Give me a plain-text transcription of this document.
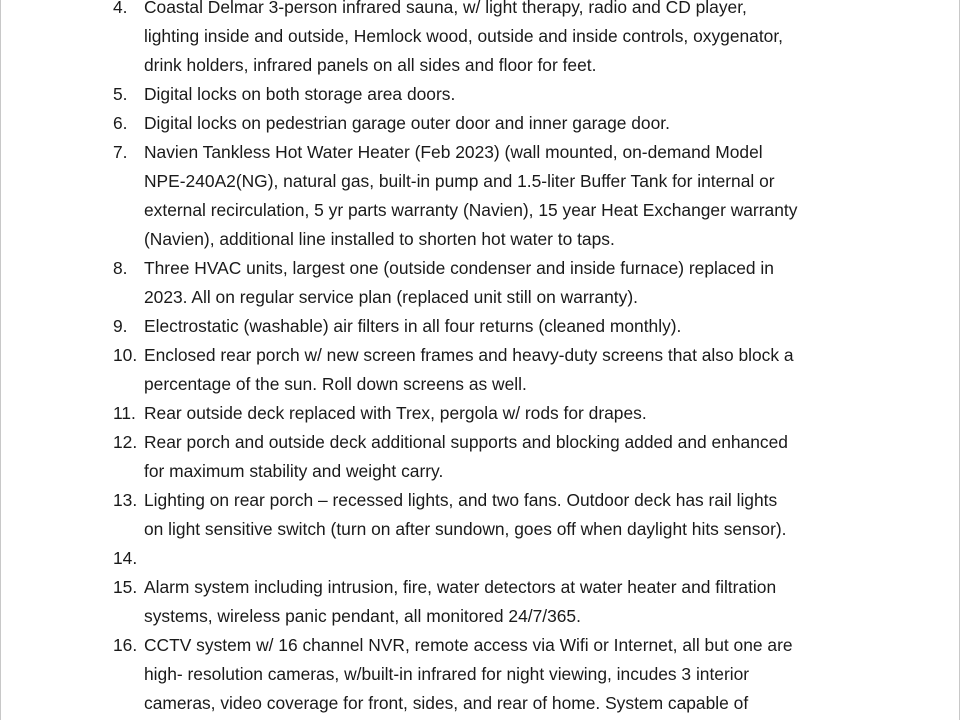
4. Coastal Delmar 3-person infrared sauna, w/ light therapy, radio and CD player,
lighting inside and outside, Hemlock wood, outside and inside controls, oxygenator,
drink holders, infrared panels on all sides and floor for feet.
5. Digital locks on both storage area doors.
6. Digital locks on pedestrian garage outer door and inner garage door.
7. Navien Tankless Hot Water Heater (Feb 2023) (wall mounted, on-demand Model
NPE-240A2(NG), natural gas, built-in pump and 1.5-liter Buffer Tank for internal or
external recirculation, 5 yr parts warranty (Navien), 15 year Heat Exchanger warranty
(Navien), additional line installed to shorten hot water to taps.
8. Three HVAC units, largest one (outside condenser and inside furnace) replaced in
2023. All on regular service plan (replaced unit still on warranty).
9. Electrostatic (washable) air filters in all four returns (cleaned monthly).
10. Enclosed rear porch w/ new screen frames and heavy-duty screens that also block a
percentage of the sun. Roll down screens as well.
11. Rear outside deck replaced with Trex, pergola w/ rods for drapes.
12. Rear porch and outside deck additional supports and blocking added and enhanced
for maximum stability and weight carry.
13. Lighting on rear porch – recessed lights, and two fans. Outdoor deck has rail lights
on light sensitive switch (turn on after sundown, goes off when daylight hits sensor).
14.

15. Alarm system including intrusion, fire, water detectors at water heater and filtration
systems, wireless panic pendant, all monitored 24/7/365.
16. CCTV system w/ 16 channel NVR, remote access via Wifi or Internet, all but one are
high- resolution cameras, w/built-in infrared for night viewing, incudes 3 interior
cameras, video coverage for front, sides, and rear of home. System capable of
